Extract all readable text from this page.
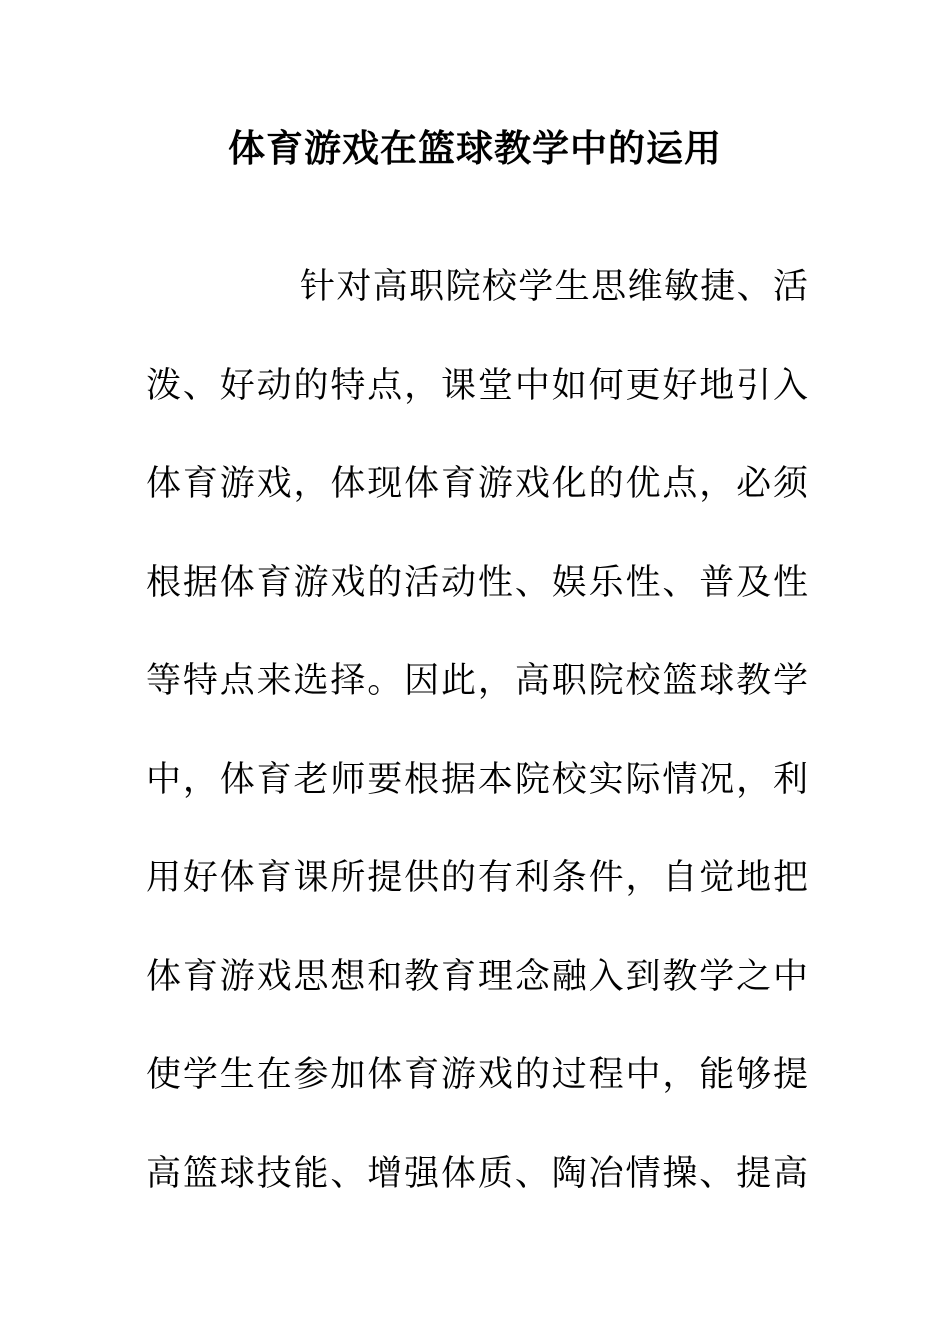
体育游戏在篮球教学中的运用
针对高职院校学生思维敏捷、活
泼、好动的特点，课堂中如何更好地引入
体育游戏，体现体育游戏化的优点，必须
根据体育游戏的活动性、娱乐性、普及性
等特点来选择。因此，高职院校篮球教学
中，体育老师要根据本院校实际情况，利
用好体育课所提供的有利条件，自觉地把
体育游戏思想和教育理念融入到教学之中
使学生在参加体育游戏的过程中，能够提
高篮球技能、增强体质、陶冶情操、提高
